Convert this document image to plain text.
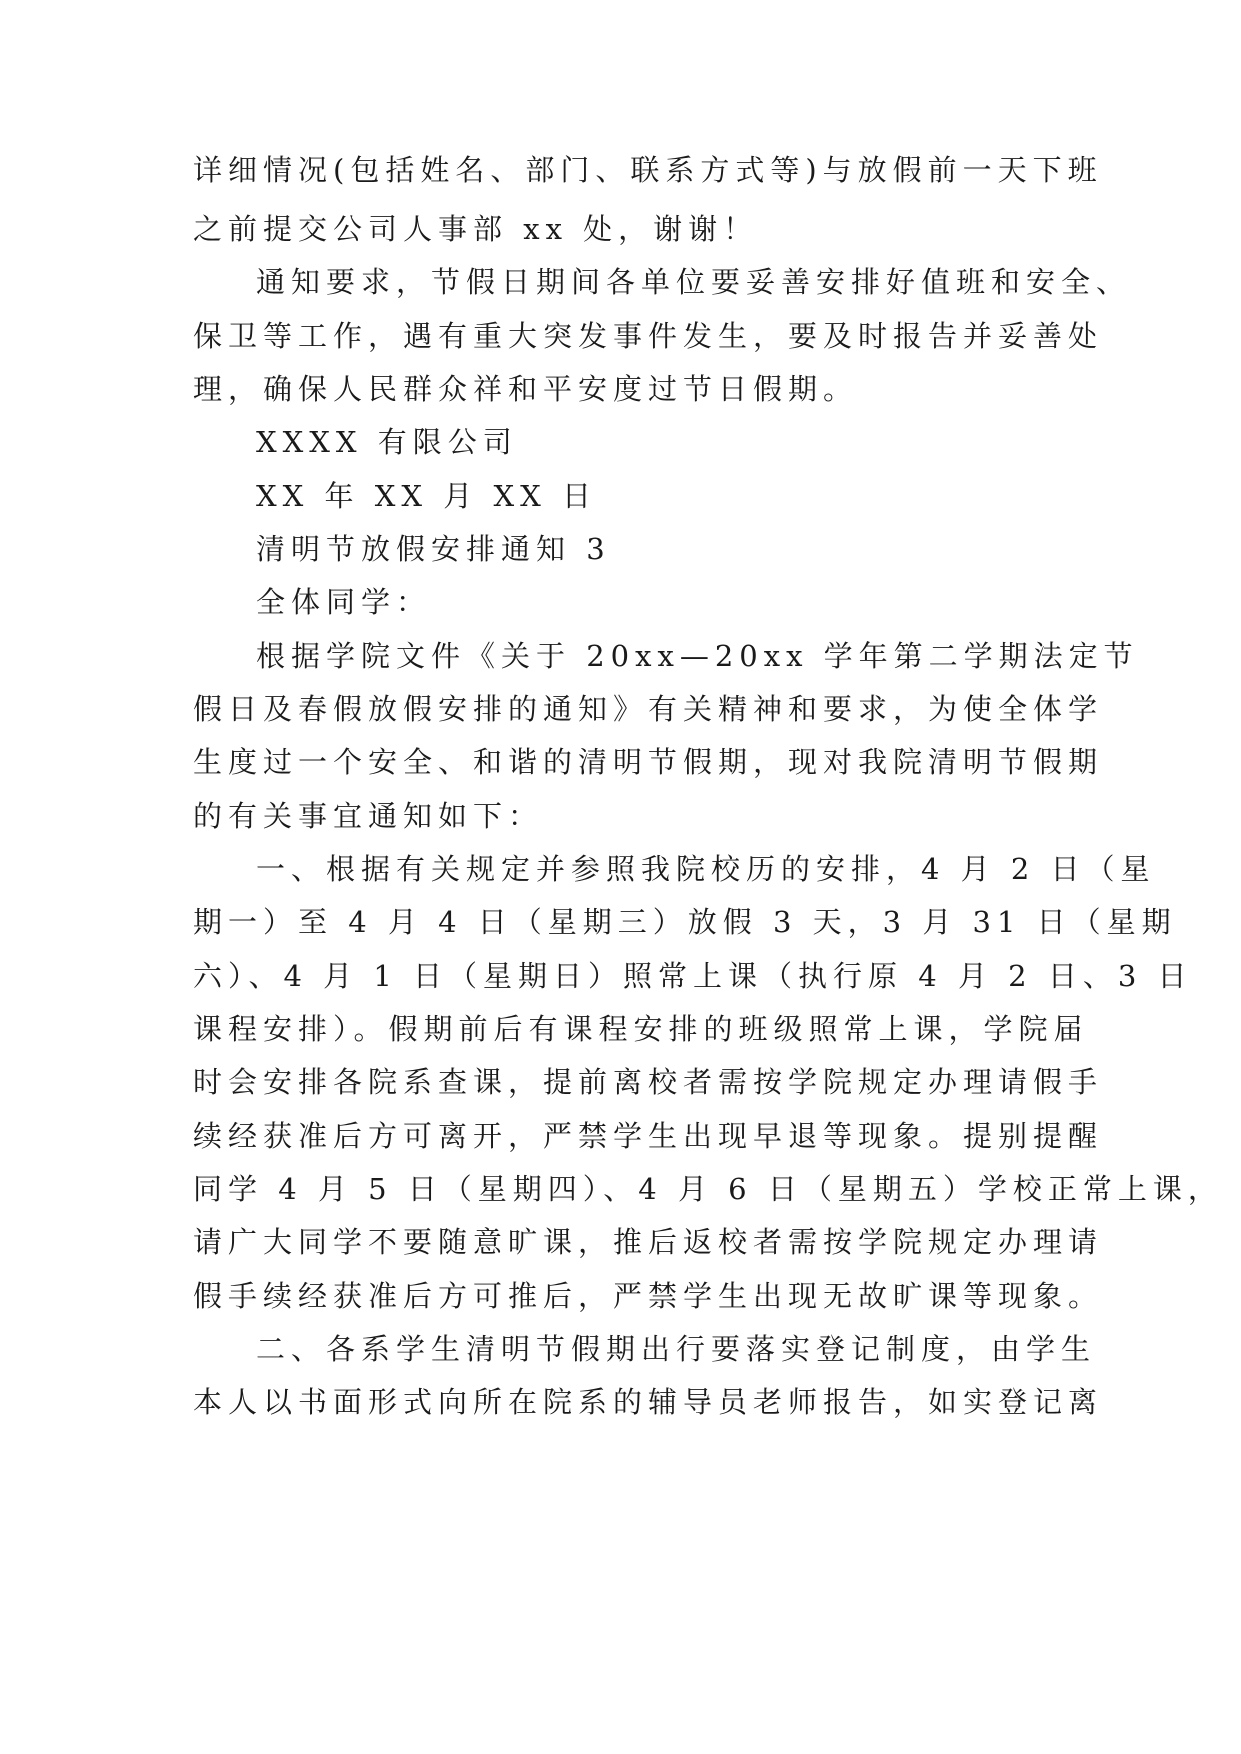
详细情况(包括姓名、部门、联系方式等)与放假前一天下班
之前提交公司人事部 xx 处，谢谢！
通知要求，节假日期间各单位要妥善安排好值班和安全、
保卫等工作，遇有重大突发事件发生，要及时报告并妥善处
理，确保人民群众祥和平安度过节日假期。
XXXX 有限公司
XX 年 XX 月 XX 日
清明节放假安排通知 3
全体同学：
根据学院文件《关于 20xx—20xx 学年第二学期法定节
假日及春假放假安排的通知》有关精神和要求，为使全体学
生度过一个安全、和谐的清明节假期，现对我院清明节假期
的有关事宜通知如下：
一、根据有关规定并参照我院校历的安排，4 月 2 日（星
期一）至 4 月 4 日（星期三）放假 3 天，3 月 31 日（星期
六）、4 月 1 日（星期日）照常上课（执行原 4 月 2 日、3 日
课程安排）。假期前后有课程安排的班级照常上课，学院届
时会安排各院系查课，提前离校者需按学院规定办理请假手
续经获准后方可离开，严禁学生出现早退等现象。提别提醒
同学 4 月 5 日（星期四）、4 月 6 日（星期五）学校正常上课，
请广大同学不要随意旷课，推后返校者需按学院规定办理请
假手续经获准后方可推后，严禁学生出现无故旷课等现象。
二、各系学生清明节假期出行要落实登记制度，由学生
本人以书面形式向所在院系的辅导员老师报告，如实登记离
